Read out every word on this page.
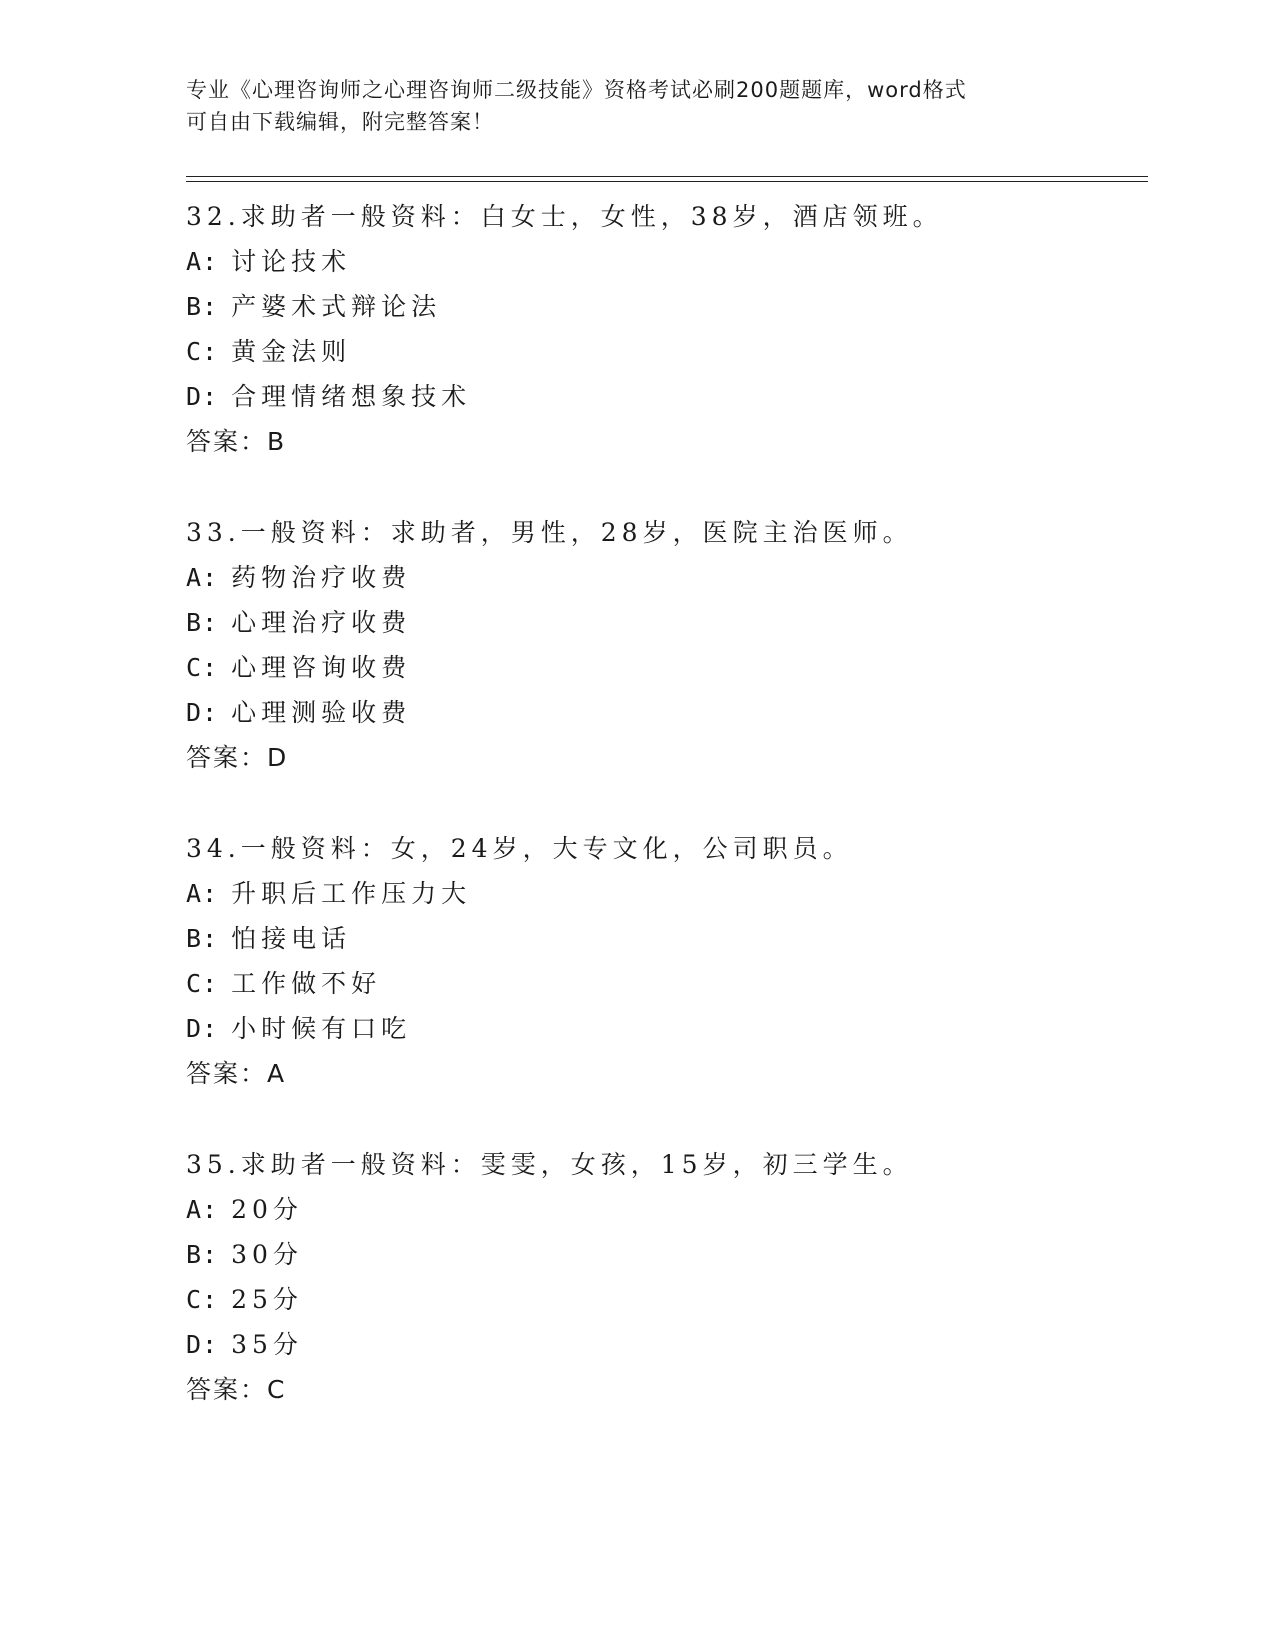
专业《心理咨询师之心理咨询师二级技能》资格考试必刷200题题库，word格式
可自由下载编辑，附完整答案！
32.求助者一般资料：白女士，女性，38岁，酒店领班。
A: 讨论技术
B: 产婆术式辩论法
C: 黄金法则
D: 合理情绪想象技术
答案：B
33.一般资料：求助者，男性，28岁，医院主治医师。
A: 药物治疗收费
B: 心理治疗收费
C: 心理咨询收费
D: 心理测验收费
答案：D
34.一般资料：女，24岁，大专文化，公司职员。
A: 升职后工作压力大
B: 怕接电话
C: 工作做不好
D: 小时候有口吃
答案：A
35.求助者一般资料：雯雯，女孩，15岁，初三学生。
A: 20分
B: 30分
C: 25分
D: 35分
答案：C
